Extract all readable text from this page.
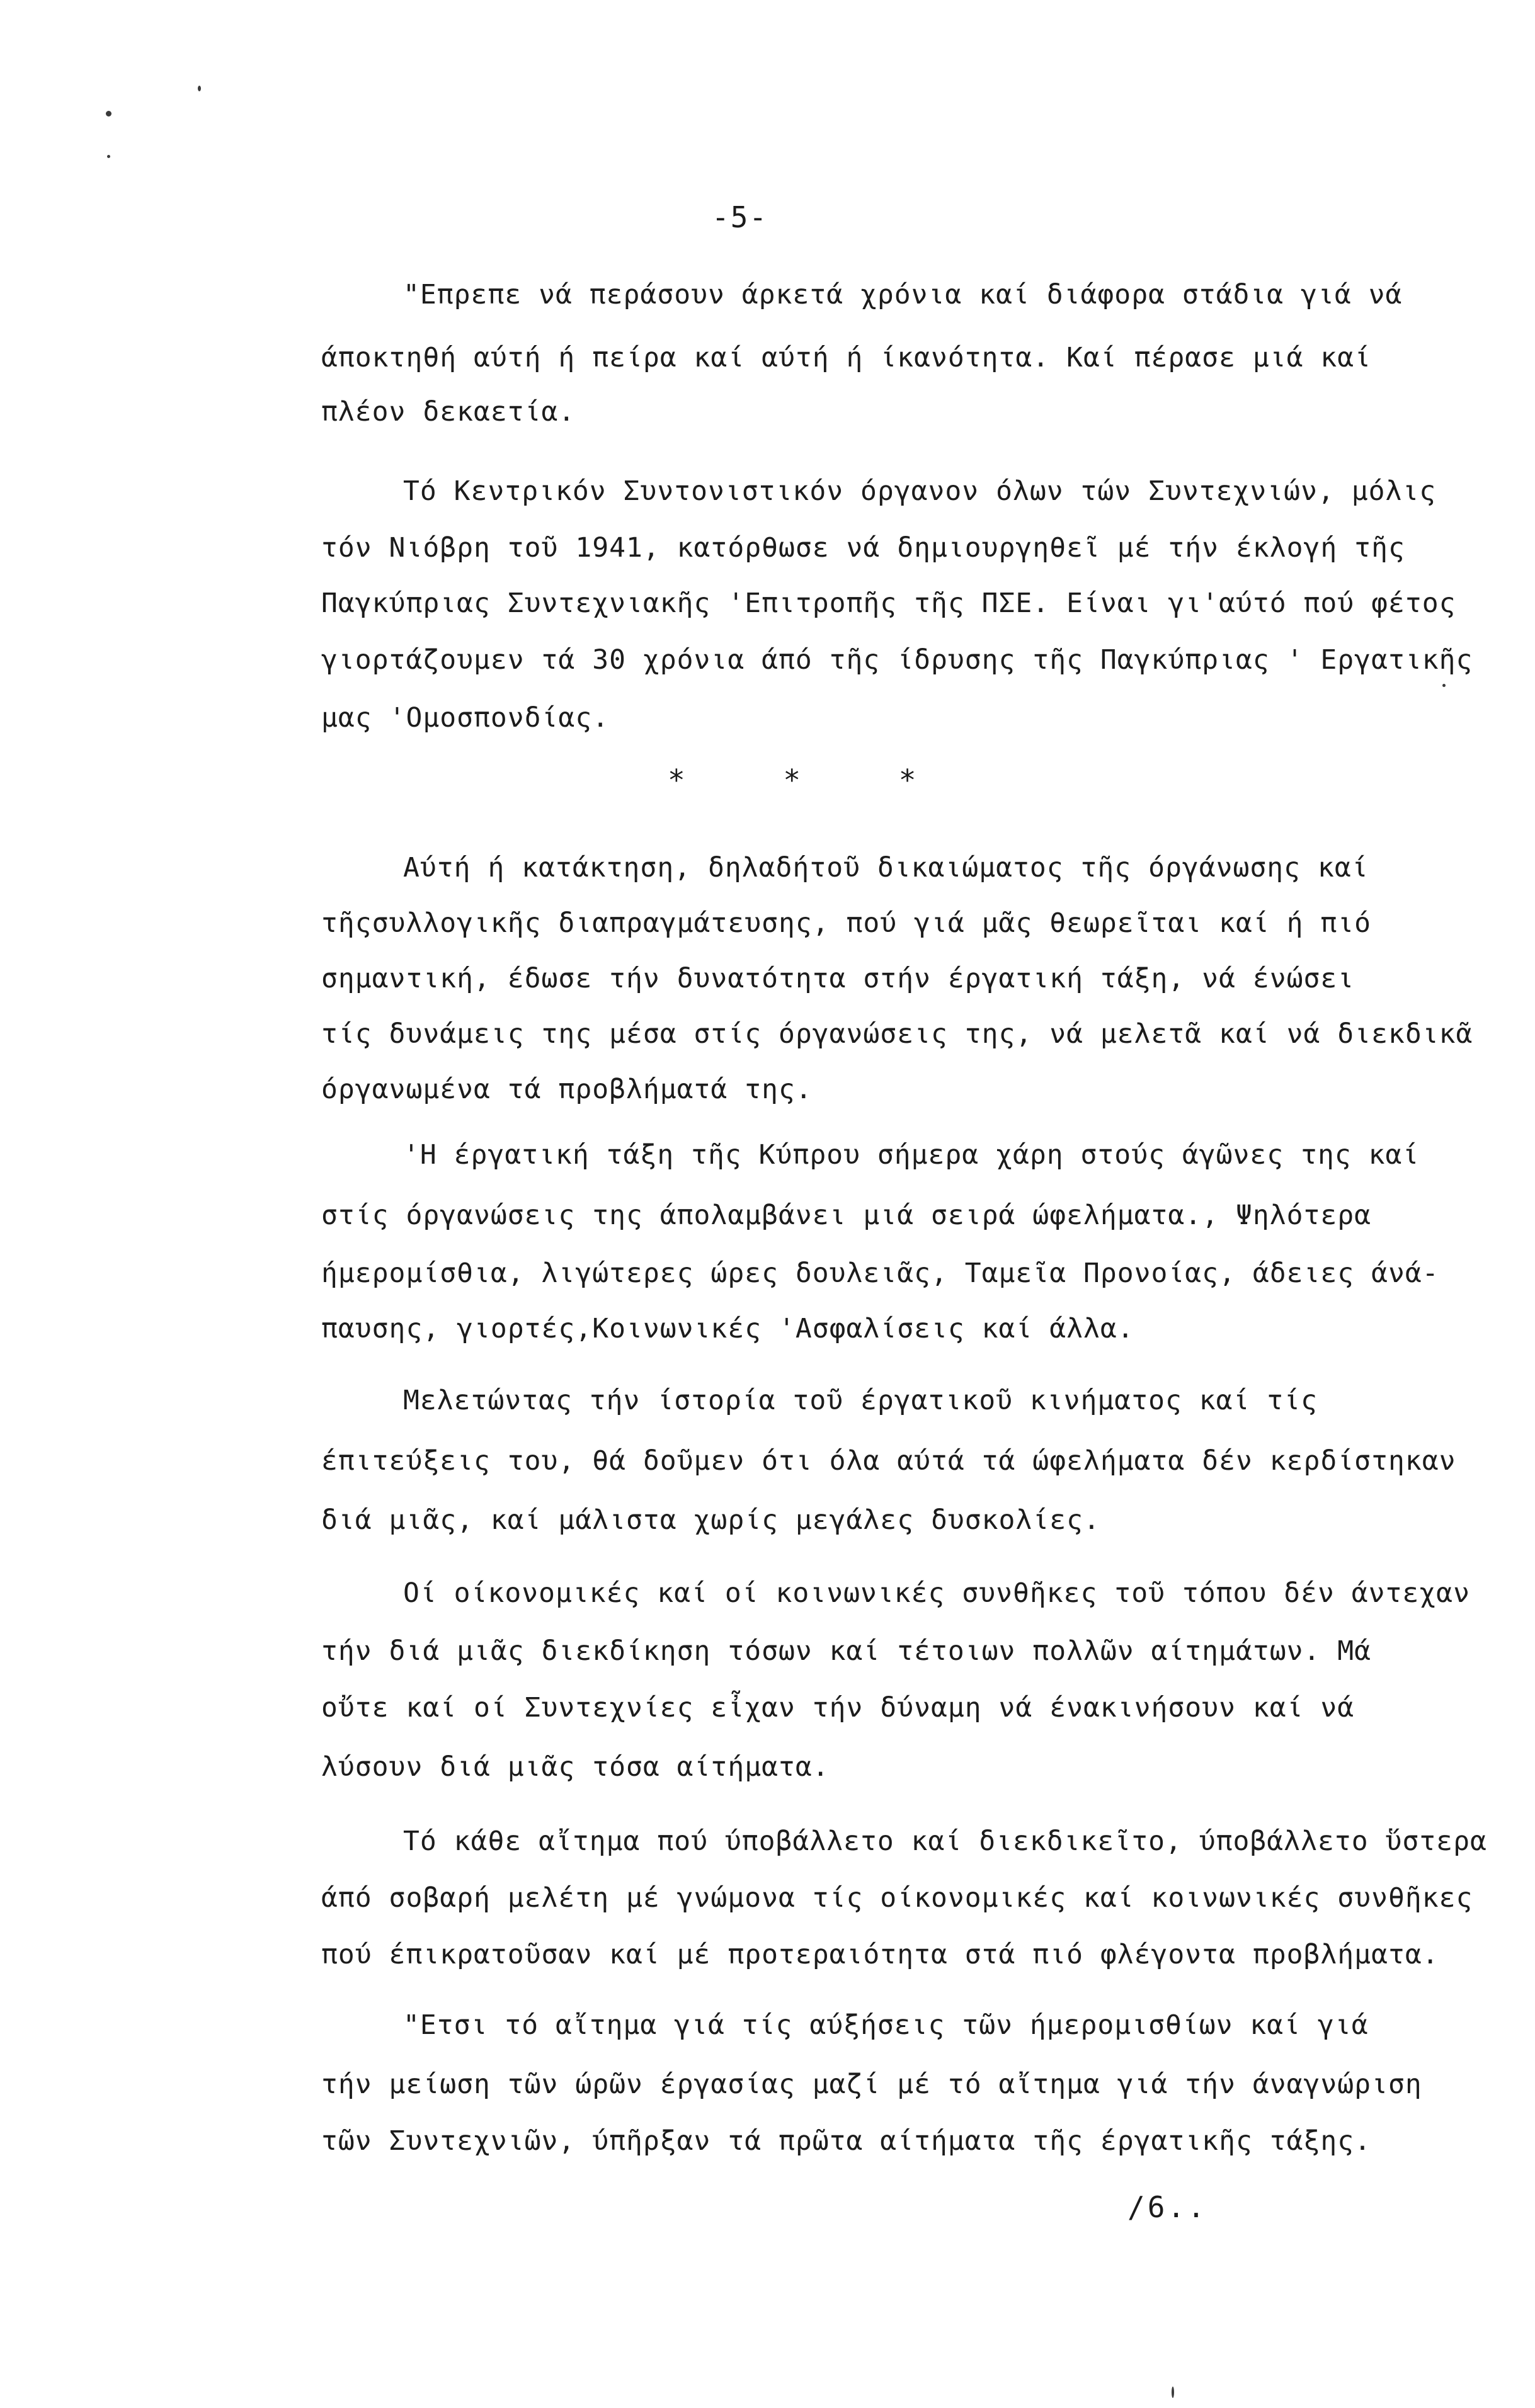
-5-
"Επρεπε νά περάσουν άρκετά χρόνια καί διάφορα στάδια γιά νά
άποκτηθή αύτή ή πείρα καί αύτή ή ίκανότητα. Καί πέρασε μιά καί
πλέον δεκαετία.
Τό Κεντρικόν Συντονιστικόν όργανον όλων τών Συντεχνιών, μόλις
τόν Νιόβρη τοῦ 1941, κατόρθωσε νά δημιουργηθεῖ μέ τήν έκλογή τῆς
Παγκύπριας Συντεχνιακῆς 'Επιτροπῆς τῆς ΠΣΕ. Είναι γι'αύτό πού φέτος
γιορτάζουμεν τά 30 χρόνια άπό τῆς ίδρυσης τῆς Παγκύπριας ' Εργατικῆς
μας 'Ομοσπονδίας.
* * *
Αύτή ή κατάκτηση, δηλαδήτοῦ δικαιώματος τῆς όργάνωσης καί
τῆςσυλλογικῆς διαπραγμάτευσης, πού γιά μᾶς θεωρεῖται καί ή πιό
σημαντική, έδωσε τήν δυνατότητα στήν έργατική τάξη, νά ένώσει
τίς δυνάμεις της μέσα στίς όργανώσεις της, νά μελετᾶ καί νά διεκδικᾶ
όργανωμένα τά προβλήματά της.
'Η έργατική τάξη τῆς Κύπρου σήμερα χάρη στούς άγῶνες της καί
στίς όργανώσεις της άπολαμβάνει μιά σειρά ώφελήματα., Ψηλότερα
ήμερομίσθια, λιγώτερες ώρες δουλειᾶς, Ταμεῖα Προνοίας, άδειες άνά-
παυσης, γιορτές,Κοινωνικές 'Ασφαλίσεις καί άλλα.
Μελετώντας τήν ίστορία τοῦ έργατικοῦ κινήματος καί τίς
έπιτεύξεις του, θά δοῦμεν ότι όλα αύτά τά ώφελήματα δέν κερδίστηκαν
διά μιᾶς, καί μάλιστα χωρίς μεγάλες δυσκολίες.
Οί οίκονομικές καί οί κοινωνικές συνθῆκες τοῦ τόπου δέν άντεχαν
τήν διά μιᾶς διεκδίκηση τόσων καί τέτοιων πολλῶν αίτημάτων. Μά
οὔτε καί οί Συντεχνίες εἶχαν τήν δύναμη νά ένακινήσουν καί νά
λύσουν διά μιᾶς τόσα αίτήματα.
Τό κάθε αἴτημα πού ύποβάλλετο καί διεκδικεῖτο, ύποβάλλετο ὕστερα
άπό σοβαρή μελέτη μέ γνώμονα τίς οίκονομικές καί κοινωνικές συνθῆκες
πού έπικρατοῦσαν καί μέ προτεραιότητα στά πιό φλέγοντα προβλήματα.
"Ετσι τό αἴτημα γιά τίς αύξήσεις τῶν ήμερομισθίων καί γιά
τήν μείωση τῶν ώρῶν έργασίας μαζί μέ τό αἴτημα γιά τήν άναγνώριση
τῶν Συντεχνιῶν, ύπῆρξαν τά πρῶτα αίτήματα τῆς έργατικῆς τάξης.
/6..
